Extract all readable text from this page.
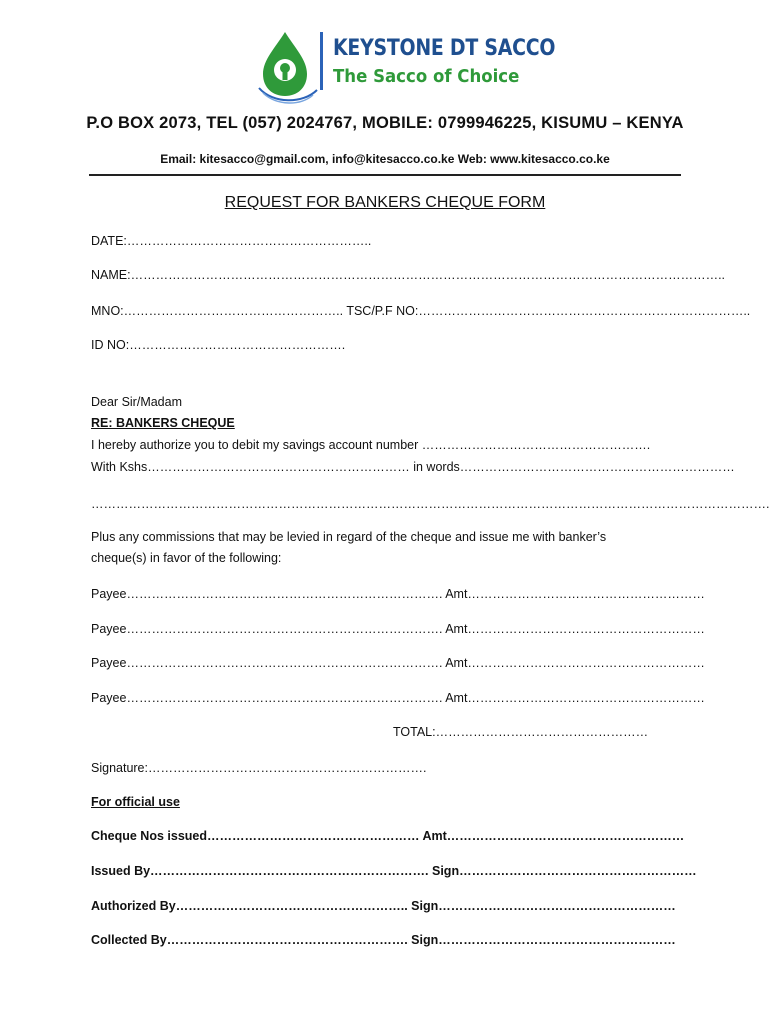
KEYSTONE DT SACCO
The Sacco of Choice
P.O BOX 2073, TEL (057) 2024767, MOBILE: 0799946225, KISUMU – KENYA
Email: kitesacco@gmail.com, info@kitesacco.co.ke Web: www.kitesacco.co.ke
REQUEST FOR BANKERS CHEQUE FORM
DATE:…………………………………………………..
NAME:……………………………………………………………………………………………………………………………..
MNO:…………………………………………….. TSC/P.F NO:……………………………………………………………………..
ID NO:…………………………………………….
Dear Sir/Madam
RE: BANKERS CHEQUE
I hereby authorize you to debit my savings account number ……………………………………………….
With Kshs……………………………………………………… in words…………………………………………………………
……………………………………………………………………………………………………………………………………………….
Plus any commissions that may be levied in regard of the cheque and issue me with banker’s
cheque(s) in favor of the following:
Payee…………………………………………………………………. Amt…………………………………………………
Payee…………………………………………………………………. Amt…………………………………………………
Payee…………………………………………………………………. Amt…………………………………………………
Payee…………………………………………………………………. Amt…………………………………………………
TOTAL:……………………………………………
Signature:………………………………………………………….
For official use
Cheque Nos issued…………………………………………… Amt…………………………………………………
Issued By…………………………………………………………. Sign…………………………………………………
Authorized By……………………………………………….. Sign…………………………………………………
Collected By…………………………………………………. Sign…………………………………………………
